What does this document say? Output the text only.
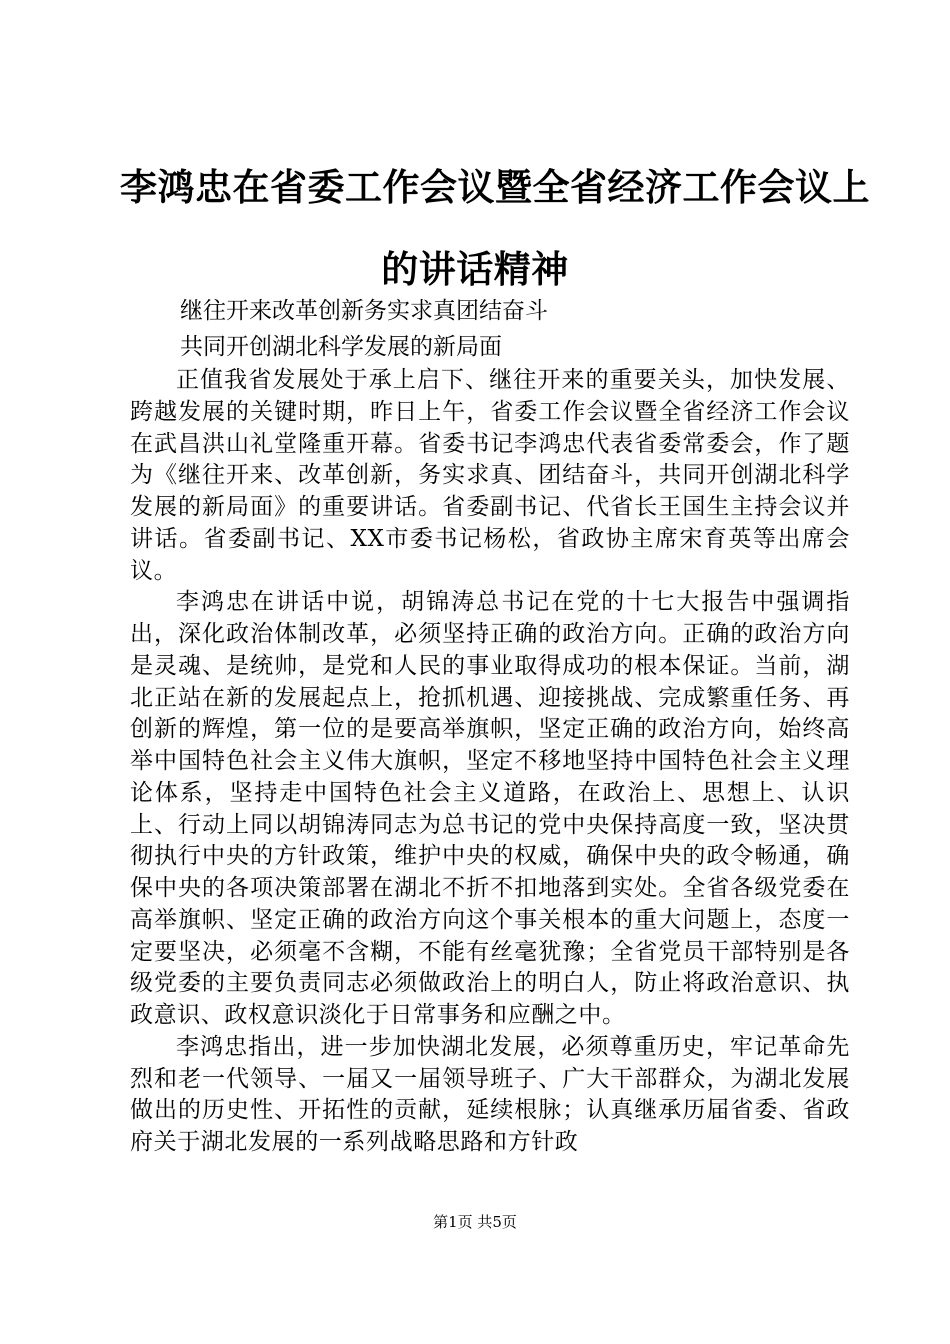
李鸿忠在省委工作会议暨全省经济工作会议上
的讲话精神

继往开来改革创新务实求真团结奋斗

共同开创湖北科学发展的新局面

正值我省发展处于承上启下、继往开来的重要关头，加快发展、跨越发展的关键时期，昨日上午，省委工作会议暨全省经济工作会议在武昌洪山礼堂隆重开幕。省委书记李鸿忠代表省委常委会，作了题为《继往开来、改革创新，务实求真、团结奋斗，共同开创湖北科学发展的新局面》的重要讲话。省委副书记、代省长王国生主持会议并讲话。省委副书记、XX市委书记杨松，省政协主席宋育英等出席会议。

李鸿忠在讲话中说，胡锦涛总书记在党的十七大报告中强调指出，深化政治体制改革，必须坚持正确的政治方向。正确的政治方向是灵魂、是统帅，是党和人民的事业取得成功的根本保证。当前，湖北正站在新的发展起点上，抢抓机遇、迎接挑战、完成繁重任务、再创新的辉煌，第一位的是要高举旗帜，坚定正确的政治方向，始终高举中国特色社会主义伟大旗帜，坚定不移地坚持中国特色社会主义理论体系，坚持走中国特色社会主义道路，在政治上、思想上、认识上、行动上同以胡锦涛同志为总书记的党中央保持高度一致，坚决贯彻执行中央的方针政策，维护中央的权威，确保中央的政令畅通，确保中央的各项决策部署在湖北不折不扣地落到实处。全省各级党委在高举旗帜、坚定正确的政治方向这个事关根本的重大问题上，态度一定要坚决，必须毫不含糊，不能有丝毫犹豫；全省党员干部特别是各级党委的主要负责同志必须做政治上的明白人，防止将政治意识、执政意识、政权意识淡化于日常事务和应酬之中。

李鸿忠指出，进一步加快湖北发展，必须尊重历史，牢记革命先烈和老一代领导、一届又一届领导班子、广大干部群众，为湖北发展做出的历史性、开拓性的贡献，延续根脉；认真继承历届省委、省政府关于湖北发展的一系列战略思路和方针政

第1页 共5页
